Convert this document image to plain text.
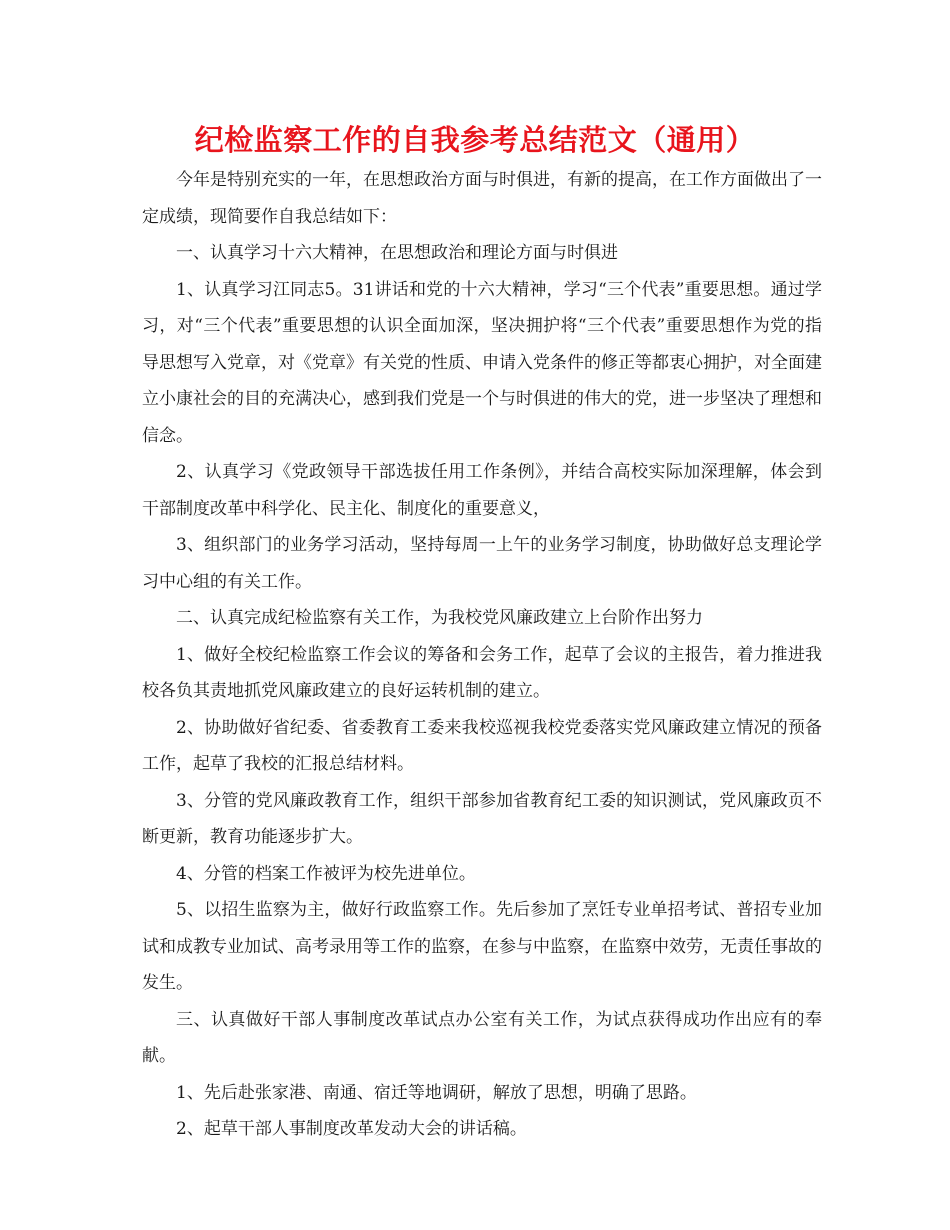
纪检监察工作的自我参考总结范文（通用）

今年是特别充实的一年，在思想政治方面与时俱进，有新的提高，在工作方面做出了一定成绩，现简要作自我总结如下：

一、认真学习十六大精神，在思想政治和理论方面与时俱进

1、认真学习江同志5。31讲话和党的十六大精神，学习“三个代表”重要思想。通过学习，对“三个代表”重要思想的认识全面加深，坚决拥护将“三个代表”重要思想作为党的指导思想写入党章，对《党章》有关党的性质、申请入党条件的修正等都衷心拥护，对全面建立小康社会的目的充满决心，感到我们党是一个与时俱进的伟大的党，进一步坚决了理想和信念。

2、认真学习《党政领导干部选拔任用工作条例》，并结合高校实际加深理解，体会到干部制度改革中科学化、民主化、制度化的重要意义，

3、组织部门的业务学习活动，坚持每周一上午的业务学习制度，协助做好总支理论学习中心组的有关工作。

二、认真完成纪检监察有关工作，为我校党风廉政建立上台阶作出努力

1、做好全校纪检监察工作会议的筹备和会务工作，起草了会议的主报告，着力推进我校各负其责地抓党风廉政建立的良好运转机制的建立。

2、协助做好省纪委、省委教育工委来我校巡视我校党委落实党风廉政建立情况的预备工作，起草了我校的汇报总结材料。

3、分管的党风廉政教育工作，组织干部参加省教育纪工委的知识测试，党风廉政页不断更新，教育功能逐步扩大。

4、分管的档案工作被评为校先进单位。

5、以招生监察为主，做好行政监察工作。先后参加了烹饪专业单招考试、普招专业加试和成教专业加试、高考录用等工作的监察，在参与中监察，在监察中效劳，无责任事故的发生。

三、认真做好干部人事制度改革试点办公室有关工作，为试点获得成功作出应有的奉献。

1、先后赴张家港、南通、宿迁等地调研，解放了思想，明确了思路。

2、起草干部人事制度改革发动大会的讲话稿。
